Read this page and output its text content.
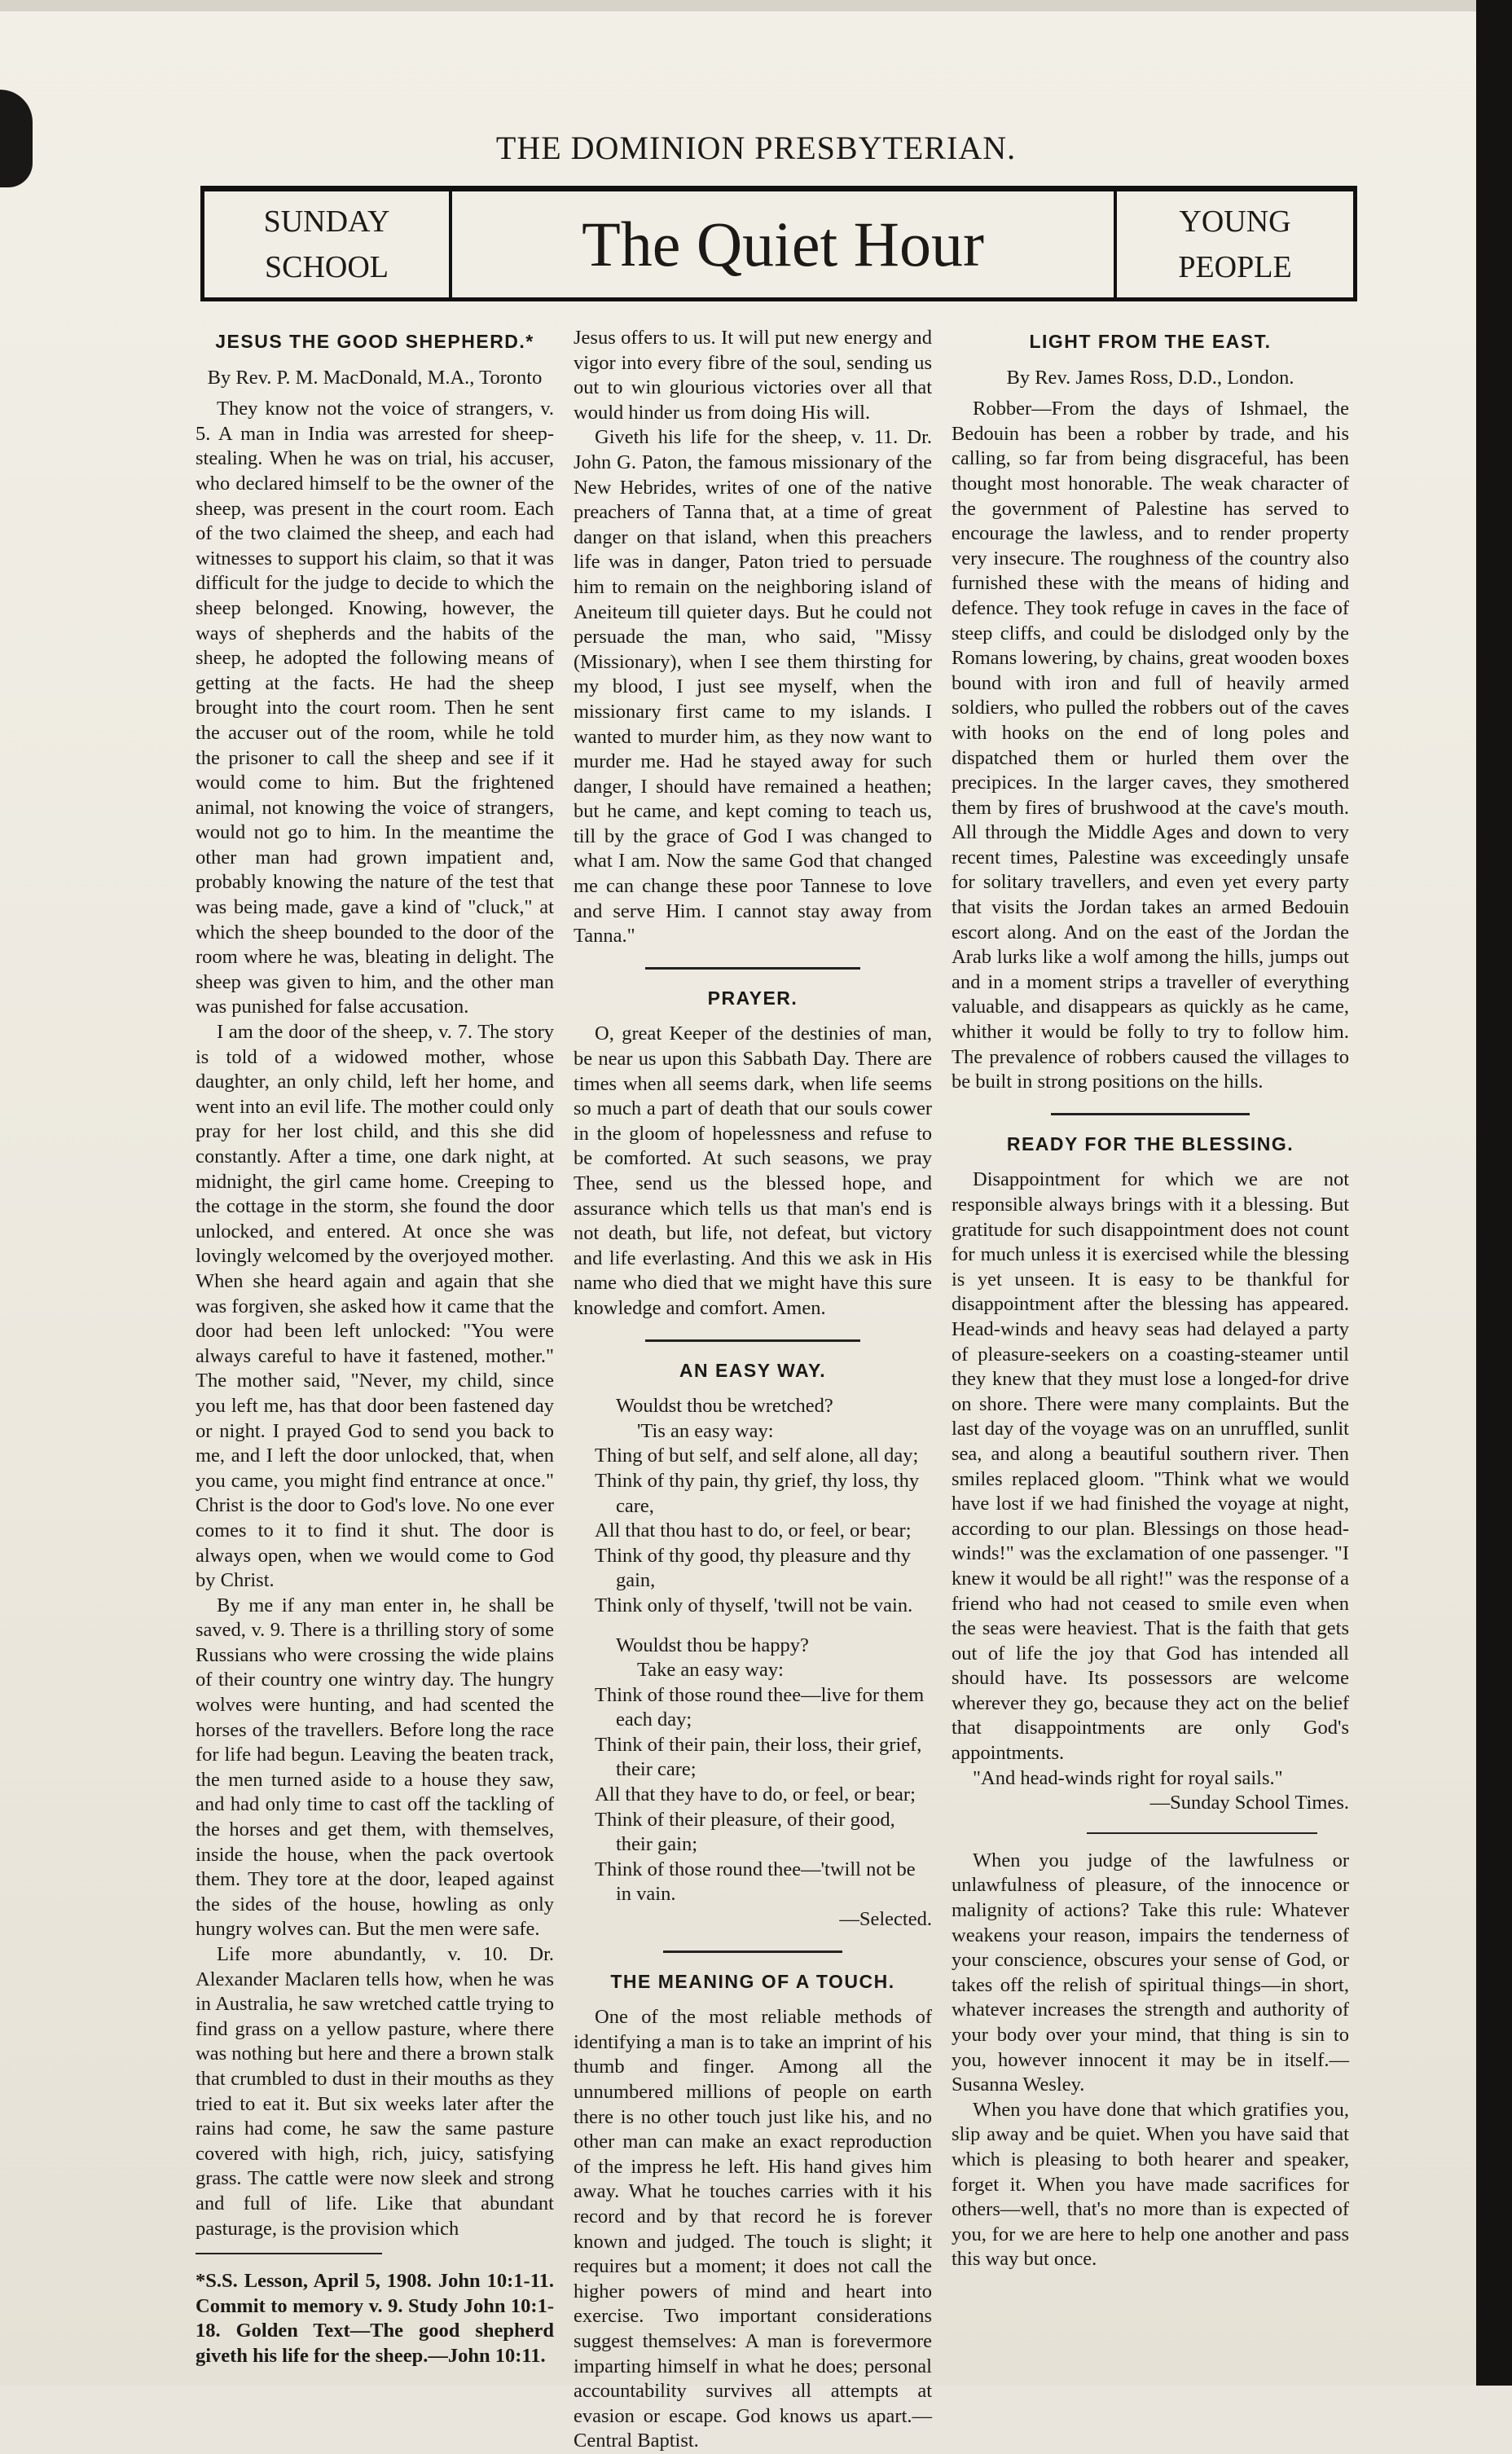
THE DOMINION PRESBYTERIAN.
SUNDAY
SCHOOL	The Quiet Hour	YOUNG
PEOPLE
JESUS THE GOOD SHEPHERD.*
By Rev. P. M. MacDonald, M.A., Toronto

They know not the voice of strangers, v. 5. A man in India was arrested for sheep-stealing. When he was on trial, his accuser, who declared himself to be the owner of the sheep, was present in the court room. Each of the two claimed the sheep, and each had witnesses to support his claim, so that it was difficult for the judge to decide to which the sheep belonged. Knowing, however, the ways of shepherds and the habits of the sheep, he adopted the following means of getting at the facts. He had the sheep brought into the court room. Then he sent the accuser out of the room, while he told the prisoner to call the sheep and see if it would come to him. But the frightened animal, not knowing the voice of strangers, would not go to him. In the meantime the other man had grown impatient and, probably knowing the nature of the test that was being made, gave a kind of "cluck," at which the sheep bounded to the door of the room where he was, bleating in delight. The sheep was given to him, and the other man was punished for false accusation.

I am the door of the sheep, v. 7. The story is told of a widowed mother, whose daughter, an only child, left her home, and went into an evil life. The mother could only pray for her lost child, and this she did constantly. After a time, one dark night, at midnight, the girl came home. Creeping to the cottage in the storm, she found the door unlocked, and entered. At once she was lovingly welcomed by the overjoyed mother. When she heard again and again that she was forgiven, she asked how it came that the door had been left unlocked: "You were always careful to have it fastened, mother." The mother said, "Never, my child, since you left me, has that door been fastened day or night. I prayed God to send you back to me, and I left the door unlocked, that, when you came, you might find entrance at once." Christ is the door to God's love. No one ever comes to it to find it shut. The door is always open, when we would come to God by Christ.

By me if any man enter in, he shall be saved, v. 9. There is a thrilling story of some Russians who were crossing the wide plains of their country one wintry day. The hungry wolves were hunting, and had scented the horses of the travellers. Before long the race for life had begun. Leaving the beaten track, the men turned aside to a house they saw, and had only time to cast off the tackling of the horses and get them, with themselves, inside the house, when the pack overtook them. They tore at the door, leaped against the sides of the house, howling as only hungry wolves can. But the men were safe.

Life more abundantly, v. 10. Dr. Alexander Maclaren tells how, when he was in Australia, he saw wretched cattle trying to find grass on a yellow pasture, where there was nothing but here and there a brown stalk that crumbled to dust in their mouths as they tried to eat it. But six weeks later after the rains had come, he saw the same pasture covered with high, rich, juicy, satisfying grass. The cattle were now sleek and strong and full of life. Like that abundant pasturage, is the provision which

*S.S. Lesson, April 5, 1908. John 10:1-11. Commit to memory v. 9. Study John 10:1-18. Golden Text—The good shepherd giveth his life for the sheep.—John 10:11.

Jesus offers to us. It will put new energy and vigor into every fibre of the soul, sending us out to win glourious victories over all that would hinder us from doing His will.

Giveth his life for the sheep, v. 11. Dr. John G. Paton, the famous missionary of the New Hebrides, writes of one of the native preachers of Tanna that, at a time of great danger on that island, when this preachers life was in danger, Paton tried to persuade him to remain on the neighboring island of Aneiteum till quieter days. But he could not persuade the man, who said, "Missy (Missionary), when I see them thirsting for my blood, I just see myself, when the missionary first came to my islands. I wanted to murder him, as they now want to murder me. Had he stayed away for such danger, I should have remained a heathen; but he came, and kept coming to teach us, till by the grace of God I was changed to what I am. Now the same God that changed me can change these poor Tannese to love and serve Him. I cannot stay away from Tanna."

PRAYER.

O, great Keeper of the destinies of man, be near us upon this Sabbath Day. There are times when all seems dark, when life seems so much a part of death that our souls cower in the gloom of hopelessness and refuse to be comforted. At such seasons, we pray Thee, send us the blessed hope, and assurance which tells us that man's end is not death, but life, not defeat, but victory and life everlasting. And this we ask in His name who died that we might have this sure knowledge and comfort. Amen.

AN EASY WAY.
Wouldst thou be wretched?
'Tis an easy way:
Thing of but self, and self alone, all day;
Think of thy pain, thy grief, thy loss, thy care,
All that thou hast to do, or feel, or bear;
Think of thy good, thy pleasure and thy gain,
Think only of thyself, 'twill not be vain.
Wouldst thou be happy?
Take an easy way:
Think of those round thee—live for them each day;
Think of their pain, their loss, their grief, their care;
All that they have to do, or feel, or bear;
Think of their pleasure, of their good, their gain;
Think of those round thee—'twill not be in vain.
—Selected.
THE MEANING OF A TOUCH.

One of the most reliable methods of identifying a man is to take an imprint of his thumb and finger. Among all the unnumbered millions of people on earth there is no other touch just like his, and no other man can make an exact reproduction of the impress he left. His hand gives him away. What he touches carries with it his record and by that record he is forever known and judged. The touch is slight; it requires but a moment; it does not call the higher powers of mind and heart into exercise. Two important considerations suggest themselves: A man is forevermore imparting himself in what he does; personal accountability survives all attempts at evasion or escape. God knows us apart.—Central Baptist.

LIGHT FROM THE EAST.
By Rev. James Ross, D.D., London.

Robber—From the days of Ishmael, the Bedouin has been a robber by trade, and his calling, so far from being disgraceful, has been thought most honorable. The weak character of the government of Palestine has served to encourage the lawless, and to render property very insecure. The roughness of the country also furnished these with the means of hiding and defence. They took refuge in caves in the face of steep cliffs, and could be dislodged only by the Romans lowering, by chains, great wooden boxes bound with iron and full of heavily armed soldiers, who pulled the robbers out of the caves with hooks on the end of long poles and dispatched them or hurled them over the precipices. In the larger caves, they smothered them by fires of brushwood at the cave's mouth. All through the Middle Ages and down to very recent times, Palestine was exceedingly unsafe for solitary travellers, and even yet every party that visits the Jordan takes an armed Bedouin escort along. And on the east of the Jordan the Arab lurks like a wolf among the hills, jumps out and in a moment strips a traveller of everything valuable, and disappears as quickly as he came, whither it would be folly to try to follow him. The prevalence of robbers caused the villages to be built in strong positions on the hills.

READY FOR THE BLESSING.

Disappointment for which we are not responsible always brings with it a blessing. But gratitude for such disappointment does not count for much unless it is exercised while the blessing is yet unseen. It is easy to be thankful for disappointment after the blessing has appeared. Head-winds and heavy seas had delayed a party of pleasure-seekers on a coasting-steamer until they knew that they must lose a longed-for drive on shore. There were many complaints. But the last day of the voyage was on an unruffled, sunlit sea, and along a beautiful southern river. Then smiles replaced gloom. "Think what we would have lost if we had finished the voyage at night, according to our plan. Blessings on those head-winds!" was the exclamation of one passenger. "I knew it would be all right!" was the response of a friend who had not ceased to smile even when the seas were heaviest. That is the faith that gets out of life the joy that God has intended all should have. Its possessors are welcome wherever they go, because they act on the belief that disappointments are only God's appointments.

"And head-winds right for royal sails."

—Sunday School Times.

When you judge of the lawfulness or unlawfulness of pleasure, of the innocence or malignity of actions? Take this rule: Whatever weakens your reason, impairs the tenderness of your conscience, obscures your sense of God, or takes off the relish of spiritual things—in short, whatever increases the strength and authority of your body over your mind, that thing is sin to you, however innocent it may be in itself.—Susanna Wesley.

When you have done that which gratifies you, slip away and be quiet. When you have said that which is pleasing to both hearer and speaker, forget it. When you have made sacrifices for others—well, that's no more than is expected of you, for we are here to help one another and pass this way but once.
